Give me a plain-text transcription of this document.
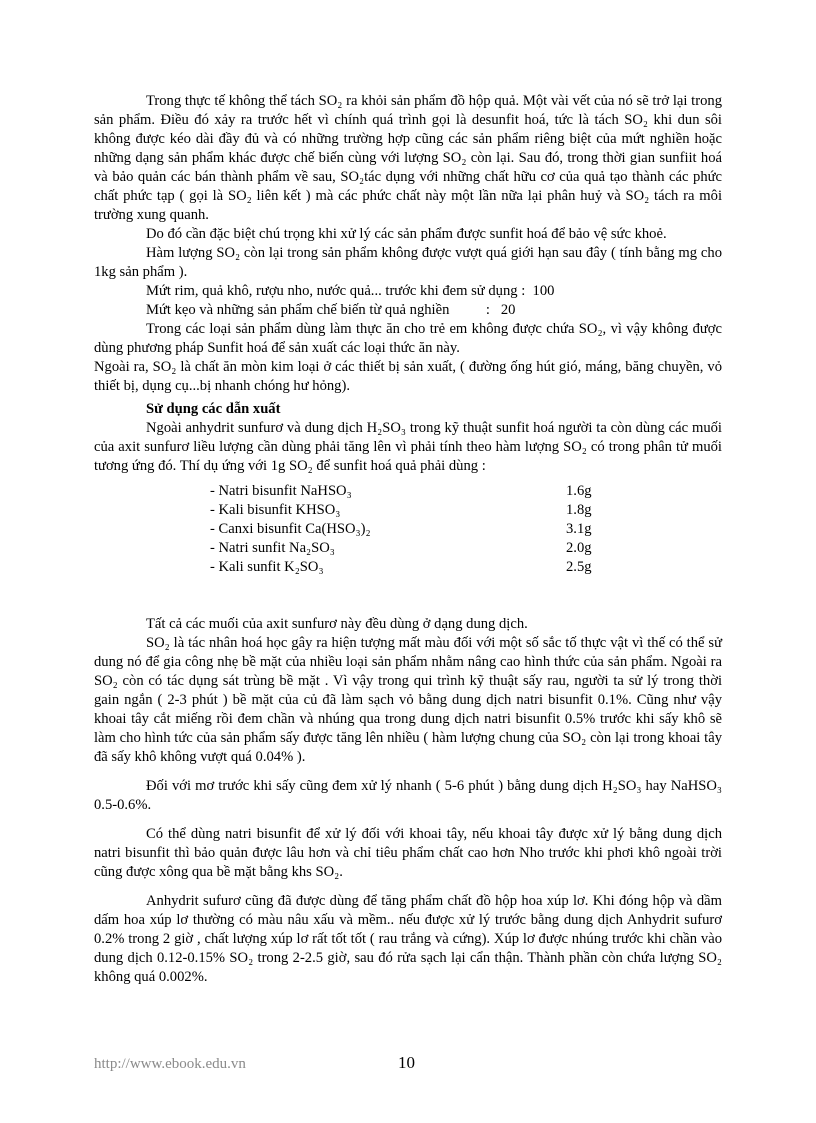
Trong thực tế không thể tách SO₂ ra khỏi sản phẩm đồ hộp quả. Một vài vết của nó sẽ trở lại trong sản phẩm. Điều đó xảy ra trước hết vì chính quá trình gọi là desunfit hoá, tức là tách SO₂ khi dun sôi không được kéo dài đầy đủ và có những trường hợp cũng các sản phẩm riêng biệt của mứt nghiền hoặc những dạng sản phẩm khác được chế biến cùng với lượng SO₂ còn lại. Sau đó, trong thời gian sunfiit hoá và bảo quản các bán thành phẩm về sau, SO₂tác dụng với những chất hữu cơ của quả tạo thành các phức chất phức tạp ( gọi là SO₂ liên kết ) mà các phức chất này một lần nữa lại phân huỷ và SO₂ tách ra môi trường xung quanh.

Do đó cần đặc biệt chú trọng khi xử lý các sản phẩm được sunfit hoá để bảo vệ sức khoẻ.

Hàm lượng SO₂ còn lại trong sản phẩm không được vượt quá giới hạn sau đây ( tính bằng mg cho 1kg sản phẩm ).

Mứt rim, quả khô, rượu nho, nước quả... trước khi đem sử dụng :  100

Mứt kẹo và những sản phẩm chế biến từ quả nghiền          :   20

Trong các loại sản phẩm dùng làm thực ăn cho trẻ em không được chứa SO₂, vì vậy không được dùng phương pháp Sunfit hoá để sản xuất các loại thức ăn này.

Ngoài ra, SO₂ là chất ăn mòn kim loại ở các thiết bị sản xuất, ( đường ống hút gió, máng, băng chuyền, vỏ thiết bị, dụng cụ...bị nhanh chóng hư hỏng).

Sử dụng các dẫn xuất

Ngoài anhydrit sunfurơ và dung dịch H₂SO₃ trong kỹ thuật sunfit hoá người ta còn dùng các muối của axit sunfurơ liều lượng cần dùng phải tăng lên vì phải tính theo hàm lượng SO₂ có trong phân tử muối tương ứng đó. Thí dụ ứng với 1g SO₂ để sunfit hoá quả phải dùng :

- Natri bisunfit NaHSO₃	1.6g
- Kali bisunfit KHSO₃	1.8g
- Canxi bisunfit Ca(HSO₃)₂	3.1g
- Natri sunfit Na₂SO₃	2.0g
- Kali sunfit K₂SO₃	2.5g

Tất cả các muối của axit sunfurơ này đều dùng ở dạng dung dịch.

SO₂ là tác nhân hoá học gây ra hiện tượng mất màu đối với một số sắc tố thực vật vì thế có thể sử dung nó để gia công nhẹ bề mặt của nhiều loại sản phẩm nhằm nâng cao hình thức của sản phẩm. Ngoài ra SO₂ còn có tác dụng sát trùng bề mặt . Vì vậy trong qui trình kỹ thuật sấy rau, người ta sử lý trong thời gain ngắn ( 2-3 phút ) bề mặt của củ đã làm sạch vỏ bằng dung dịch natri bisunfit 0.1%. Cũng như vậy khoai tây cắt miếng rồi đem chần và nhúng qua trong dung dịch natri bisunfit 0.5% trước khi sấy khô sẽ làm cho hình tức của sản phẩm sấy được tăng lên nhiều ( hàm lượng chung của SO₂ còn lại trong khoai tây đã sấy khô không vượt quá 0.04% ).

Đối với mơ trước khi sấy cũng đem xử lý nhanh ( 5-6 phút ) bằng dung dịch H₂SO₃ hay NaHSO₃ 0.5-0.6%.

Có thể dùng natri bisunfit để xử lý đối với khoai tây, nếu khoai tây được xử lý bằng dung dịch natri bisunfit thì bảo quản được lâu hơn và chỉ tiêu phẩm chất cao hơn Nho trước khi phơi khô ngoài trời cũng được xông qua bề mặt bằng khs SO₂.

Anhydrit sufurơ cũng đã được dùng để tăng phẩm chất đồ hộp hoa xúp lơ. Khi đóng hộp và dầm dấm hoa xúp lơ thường có màu nâu xấu và mềm.. nếu được xử lý trước bằng dung dịch Anhydrit sufurơ 0.2% trong 2 giờ , chất lượng xúp lơ rất tốt tốt ( rau trắng và cứng). Xúp lơ được nhúng trước khi chần vào dung dịch 0.12-0.15% SO₂ trong 2-2.5 giờ, sau đó rửa sạch lại cẩn thận. Thành phần còn chứa lượng SO₂ không quá 0.002%.

http://www.ebook.edu.vn	10
